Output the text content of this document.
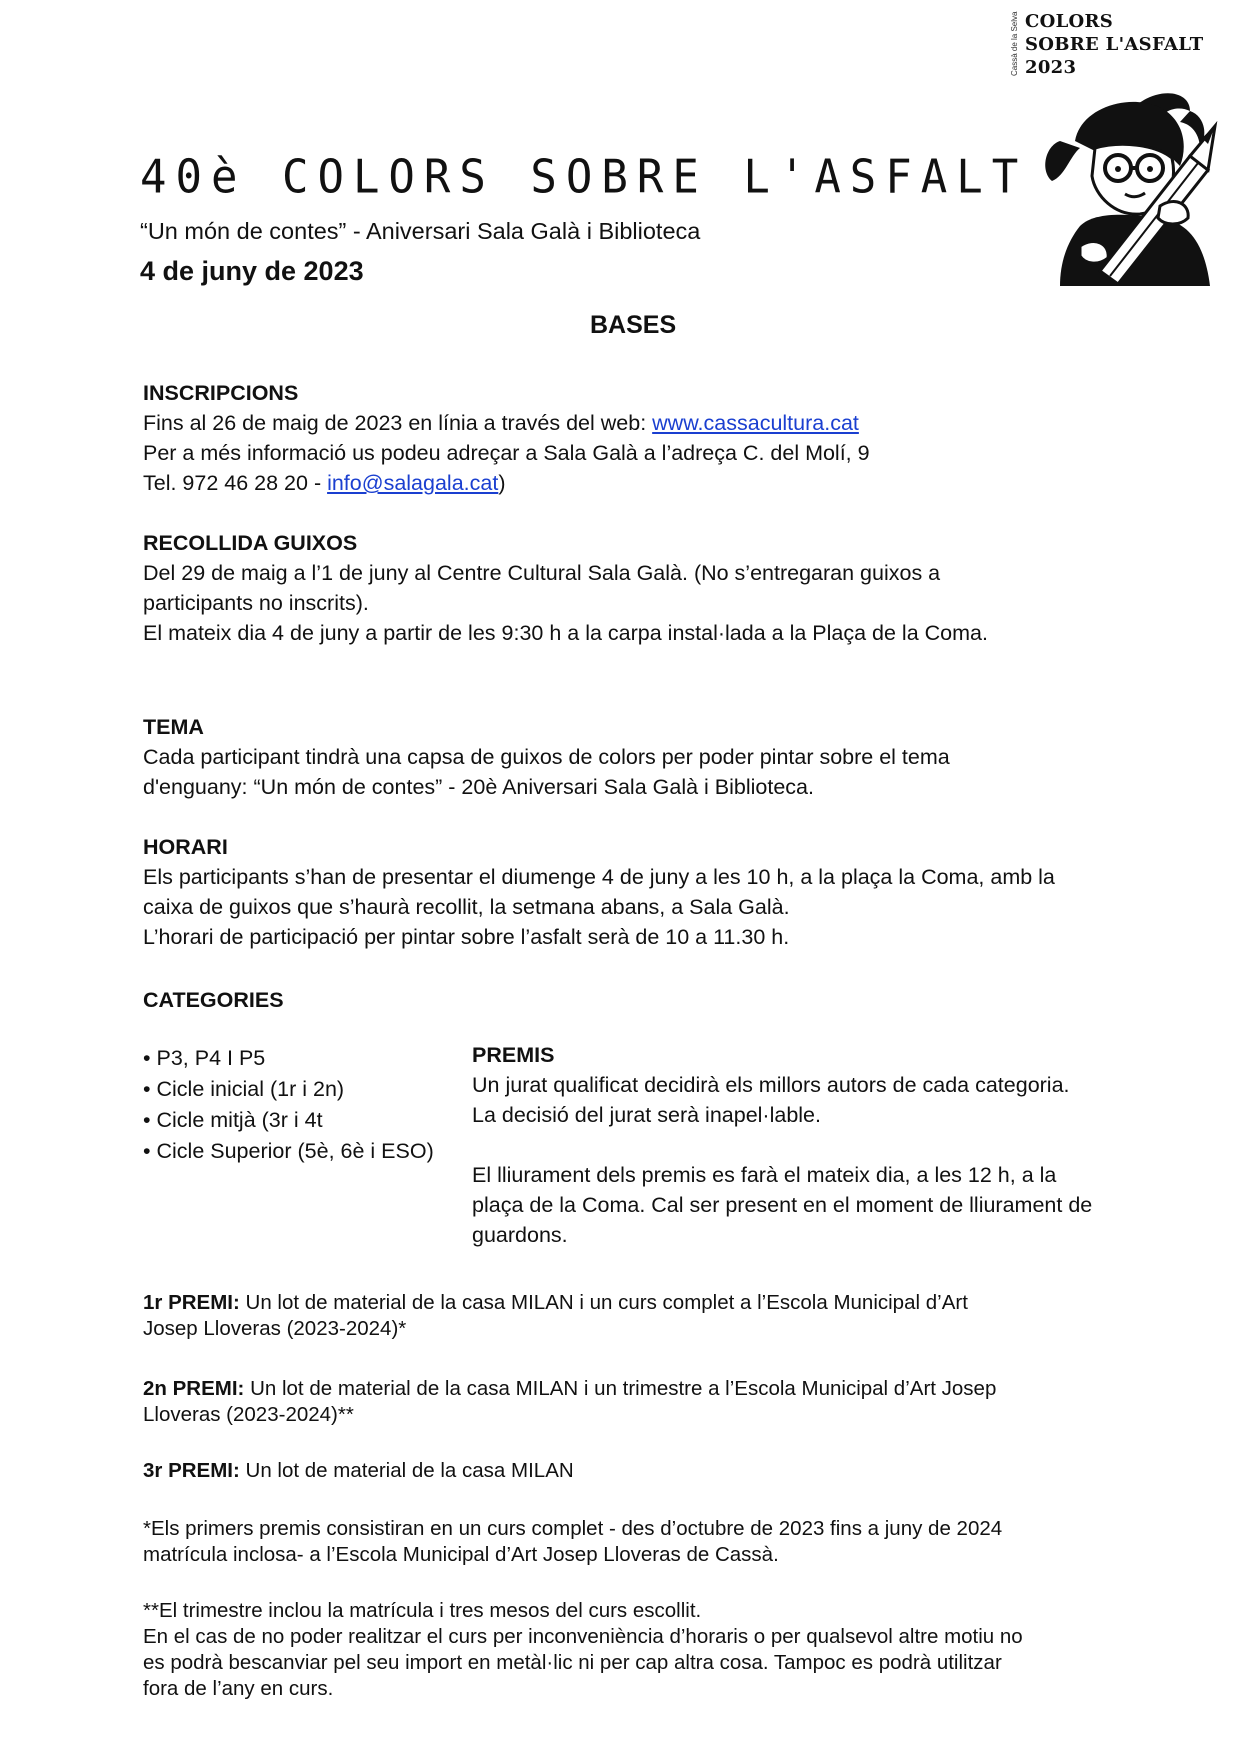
Cassà de la Selva COLORS
SOBRE L'ASFALT
2023
40è COLORS SOBRE L'ASFALT
“Un món de contes” - Aniversari Sala Galà i Biblioteca
4 de juny de 2023
BASES
INSCRIPCIONS
Fins al 26 de maig de 2023 en línia a través del web: www.cassacultura.cat
Per a més informació us podeu adreçar a Sala Galà a l’adreça C. del Molí, 9
Tel. 972 46 28 20 - info@salagala.cat)
RECOLLIDA GUIXOS
Del 29 de maig a l’1 de juny al Centre Cultural Sala Galà. (No s’entregaran guixos a
participants no inscrits).
El mateix dia 4 de juny a partir de les 9:30 h a la carpa instal·lada a la Plaça de la Coma.
TEMA
Cada participant tindrà una capsa de guixos de colors per poder pintar sobre el tema
d'enguany: “Un món de contes” - 20è Aniversari Sala Galà i Biblioteca.
HORARI
Els participants s’han de presentar el diumenge 4 de juny a les 10 h, a la plaça la Coma, amb la
caixa de guixos que s’haurà recollit, la setmana abans, a Sala Galà.
L’horari de participació per pintar sobre l’asfalt serà de 10 a 11.30 h.
CATEGORIES
• P3, P4 I P5
• Cicle inicial (1r i 2n)
• Cicle mitjà (3r i 4t
• Cicle Superior (5è, 6è i ESO)
PREMIS
Un jurat qualificat decidirà els millors autors de cada categoria.
La decisió del jurat serà inapel·lable.

El lliurament dels premis es farà el mateix dia, a les 12 h, a la
plaça de la Coma. Cal ser present en el moment de lliurament de
guardons.
1r PREMI: Un lot de material de la casa MILAN i un curs complet a l’Escola Municipal d’Art
Josep Lloveras (2023-2024)*
2n PREMI: Un lot de material de la casa MILAN i un trimestre a l’Escola Municipal d’Art Josep
Lloveras (2023-2024)**
3r PREMI: Un lot de material de la casa MILAN
*Els primers premis consistiran en un curs complet - des d’octubre de 2023 fins a juny de 2024
matrícula inclosa- a l’Escola Municipal d’Art Josep Lloveras de Cassà.
**El trimestre inclou la matrícula i tres mesos del curs escollit.
En el cas de no poder realitzar el curs per inconveniència d’horaris o per qualsevol altre motiu no
es podrà bescanviar pel seu import en metàl·lic ni per cap altra cosa. Tampoc es podrà utilitzar
fora de l’any en curs.
